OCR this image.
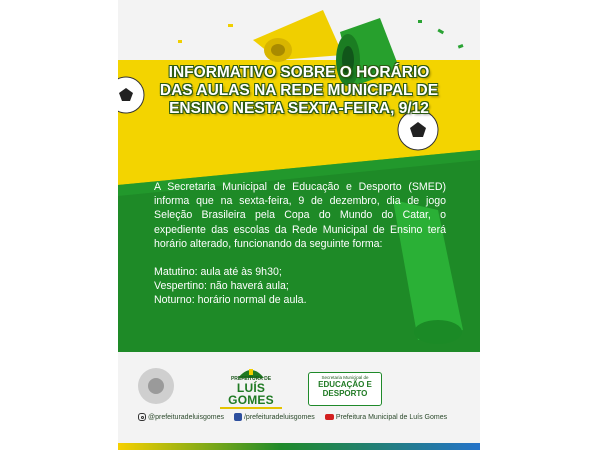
INFORMATIVO SOBRE O HORÁRIO DAS AULAS NA REDE MUNICIPAL DE ENSINO NESTA SEXTA-FEIRA, 9/12

A Secretaria Municipal de Educação e Desporto (SMED) informa que na sexta-feira, 9 de dezembro, dia de jogo Seleção Brasileira pela Copa do Mundo do Catar, o expediente das escolas da Rede Municipal de Ensino terá horário alterado, funcionando da seguinte forma:

Matutino: aula até às 9h30;

Vespertino: não haverá aula;

Noturno: horário normal de aula.

PREFEITURA DE
LUÍS GOMES
Secretaria Municipal de
EDUCAÇÃO E
DESPORTO
@prefeituradeluisgomes	/prefeituradeluisgomes	Prefeitura Municipal de Luís Gomes
